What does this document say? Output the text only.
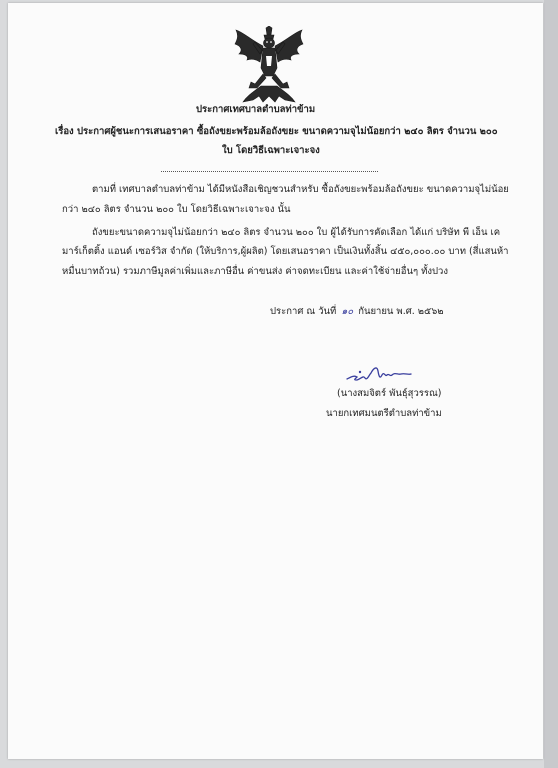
ประกาศเทศบาลตำบลท่าข้าม
เรื่อง ประกาศผู้ชนะการเสนอราคา ซื้อถังขยะพร้อมล้อถังขยะ ขนาดความจุไม่น้อยกว่า ๒๔๐ ลิตร จำนวน ๒๐๐
ใบ โดยวิธีเฉพาะเจาะจง
ตามที่ เทศบาลตำบลท่าข้าม ได้มีหนังสือเชิญชวนสำหรับ ซื้อถังขยะพร้อมล้อถังขยะ ขนาดความจุไม่น้อย
กว่า ๒๔๐ ลิตร จำนวน ๒๐๐ ใบ โดยวิธีเฉพาะเจาะจง นั้น
ถังขยะขนาดความจุไม่น้อยกว่า ๒๔๐ ลิตร จำนวน ๒๐๐ ใบ ผู้ได้รับการคัดเลือก ได้แก่ บริษัท พี เอ็น เค
มาร์เก็ตติ้ง แอนด์ เซอร์วิส จำกัด (ให้บริการ,ผู้ผลิต) โดยเสนอราคา เป็นเงินทั้งสิ้น ๔๕๐,๐๐๐.๐๐ บาท (สี่แสนห้า
หมื่นบาทถ้วน) รวมภาษีมูลค่าเพิ่มและภาษีอื่น ค่าขนส่ง ค่าจดทะเบียน และค่าใช้จ่ายอื่นๆ ทั้งปวง
ประกาศ ณ วันที่ ๑๐ กันยายน พ.ศ. ๒๕๖๒
(นางสมจิตร์ พันธุ์สุวรรณ)
นายกเทศมนตรีตำบลท่าข้าม
